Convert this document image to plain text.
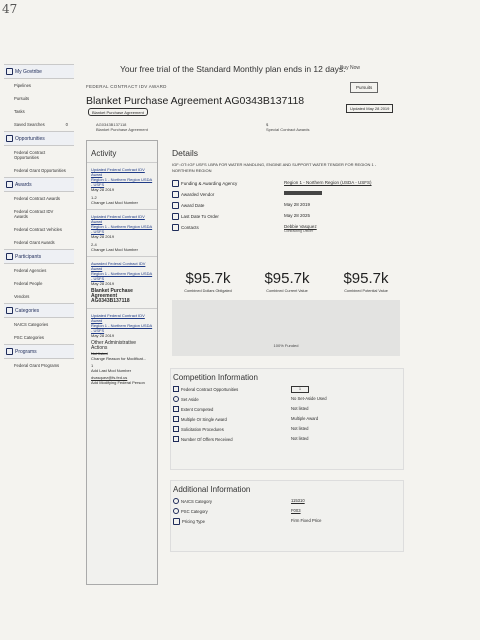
47
Your free trial of the Standard Monthly plan ends in 12 days.
Buy Now
My Govtribe
Pipelines
Pursuits
Tasks
Saved Searches	0
Opportunities
Federal Contract Opportunities
Federal Grant Opportunities
Awards
Federal Contract Awards
Federal Contract IDV Awards
Federal Contract Vehicles
Federal Grant Awards
Participants
Federal Agencies
Federal People
Vendors
Categories
NAICS Categories
PSC Categories
Programs
Federal Grant Programs
FEDERAL CONTRACT IDV AWARD
Blanket Purchase Agreement AG0343B137118
Blanket Purchase Agreement
Pursuits
Updated May 28 2019
AG0343B137118
Blanket Purchase Agreement
$
Special Contract Awards
Activity
Updated Federal Contract IDV Award
Region 1 - Northern Region USDA - USFS
May 28 2019
1-2
Change Last Mod Number
Updated Federal Contract IDV Award
Region 1 - Northern Region USDA - USFS
May 28 2019
2-4
Change Last Mod Number
Awarded Federal Contract IDV Award
Region 1 - Northern Region USDA - USFS
May 28 2019
Blanket Purchase Agreement AG0343B137118
Updated Federal Contract IDV Award
Region 1 - Northern Region USDA - USFS
May 28 2019
Other Administrative Actions
Not listed
Change Reason for Modificat...
1
Add Last Mod Number
dvasquez@fs.fed.us
Add Modifying Federal Person
Details
IGF::OT::IGF USFS I-BPA FOR WATER HANDLING, ENGINE AND SUPPORT WATER TENDER FOR REGION 1 - NORTHERN REGION
Funding & Awarding Agency	Region 1 - Northern Region (USDA - USFS)
Awarded Vendor
Award Date	May 28 2019
Last Date To Order	May 28 2025
Contacts	Debbie Vasquez
Contracting Officer
$95.7k
Combined Dollars Obligated
$95.7k
Combined Current Value
$95.7k
Combined Potential Value
100% Funded
Competition Information
Federal Contract Opportunities	1
Set Aside	No Set-Aside Used
Extent Competed	Not listed
Multiple Or Single Award	Multiple Award
Solicitation Procedures	Not listed
Number Of Offers Received	Not listed
Additional Information
NAICS Category	115310
PSC Category	F003
Pricing Type	Firm Fixed Price
